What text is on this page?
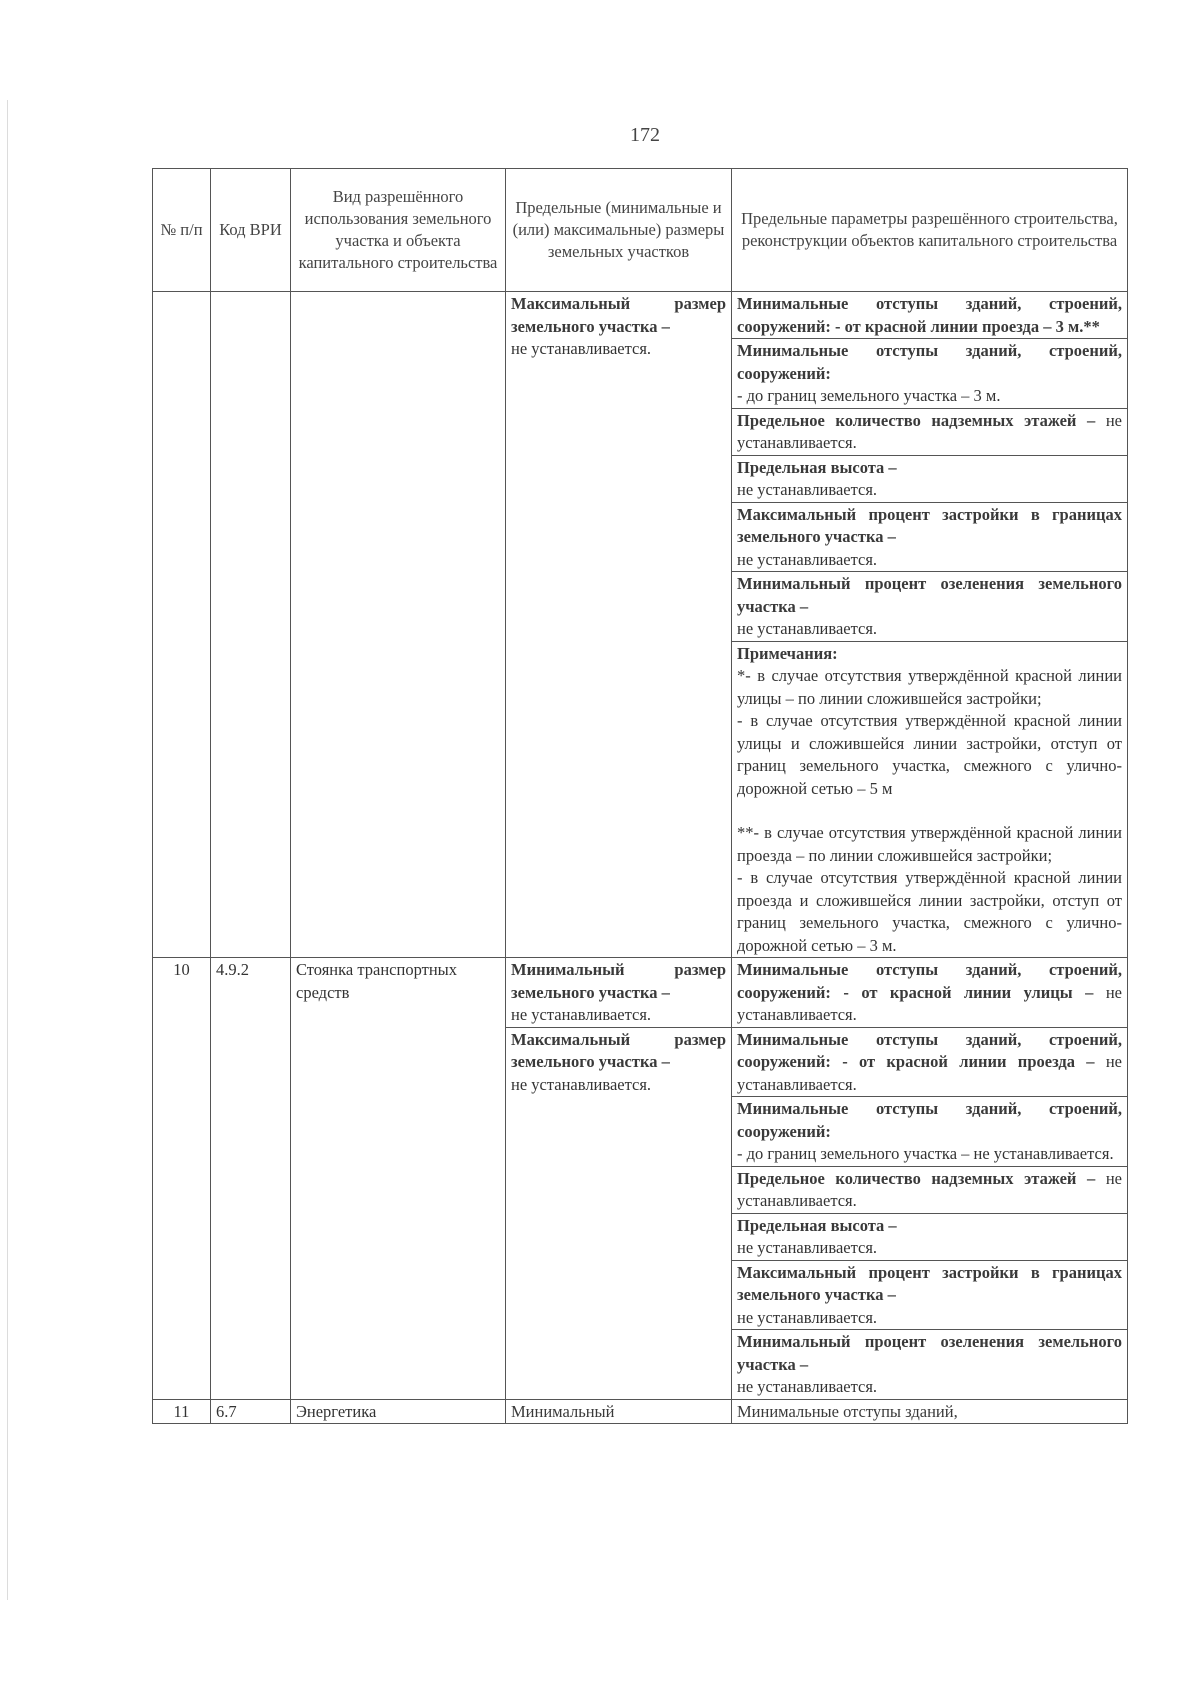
172
№ п/п	Код ВРИ	Вид разрешённого использования земельного участка и объекта капитального строительства	Предельные (минимальные и (или) максимальные) размеры земельных участков	Предельные параметры разрешённого строительства, реконструкции объектов капитального строительства

			Максимальный размер земельного участка –
не устанавливается.	Минимальные отступы зданий, строений, сооружений: - от красной линии проезда – 3 м.**
				Минимальные отступы зданий, строений, сооружений:
- до границ земельного участка – 3 м.
				Предельное количество надземных этажей – не устанавливается.
				Предельная высота –
не устанавливается.
				Максимальный процент застройки в границах земельного участка –
не устанавливается.
				Минимальный процент озеленения земельного участка –
не устанавливается.

				Примечания:
*- в случае отсутствия утверждённой красной линии улицы – по линии сложившейся застройки;
- в случае отсутствия утверждённой красной линии улицы и сложившейся линии застройки, отступ от границ земельного участка, смежного с улично-дорожной сетью – 5 м
**- в случае отсутствия утверждённой красной линии проезда – по линии сложившейся застройки;
- в случае отсутствия утверждённой красной линии проезда и сложившейся линии застройки, отступ от границ земельного участка, смежного с улично-дорожной сетью – 3 м.

10	4.9.2	Стоянка транспортных средств	Минимальный размер земельного участка –
не устанавливается.	Минимальные отступы зданий, строений, сооружений: - от красной линии улицы – не устанавливается.

			Максимальный размер земельного участка –
не устанавливается.	Минимальные отступы зданий, строений, сооружений: - от красной линии проезда – не устанавливается.
				Минимальные отступы зданий, строений, сооружений:
- до границ земельного участка – не устанавливается.
				Предельное количество надземных этажей – не устанавливается.
				Предельная высота –
не устанавливается.
				Максимальный процент застройки в границах земельного участка –
не устанавливается.
				Минимальный процент озеленения земельного участка –
не устанавливается.
11	6.7	Энергетика	Минимальный	Минимальные отступы зданий,
